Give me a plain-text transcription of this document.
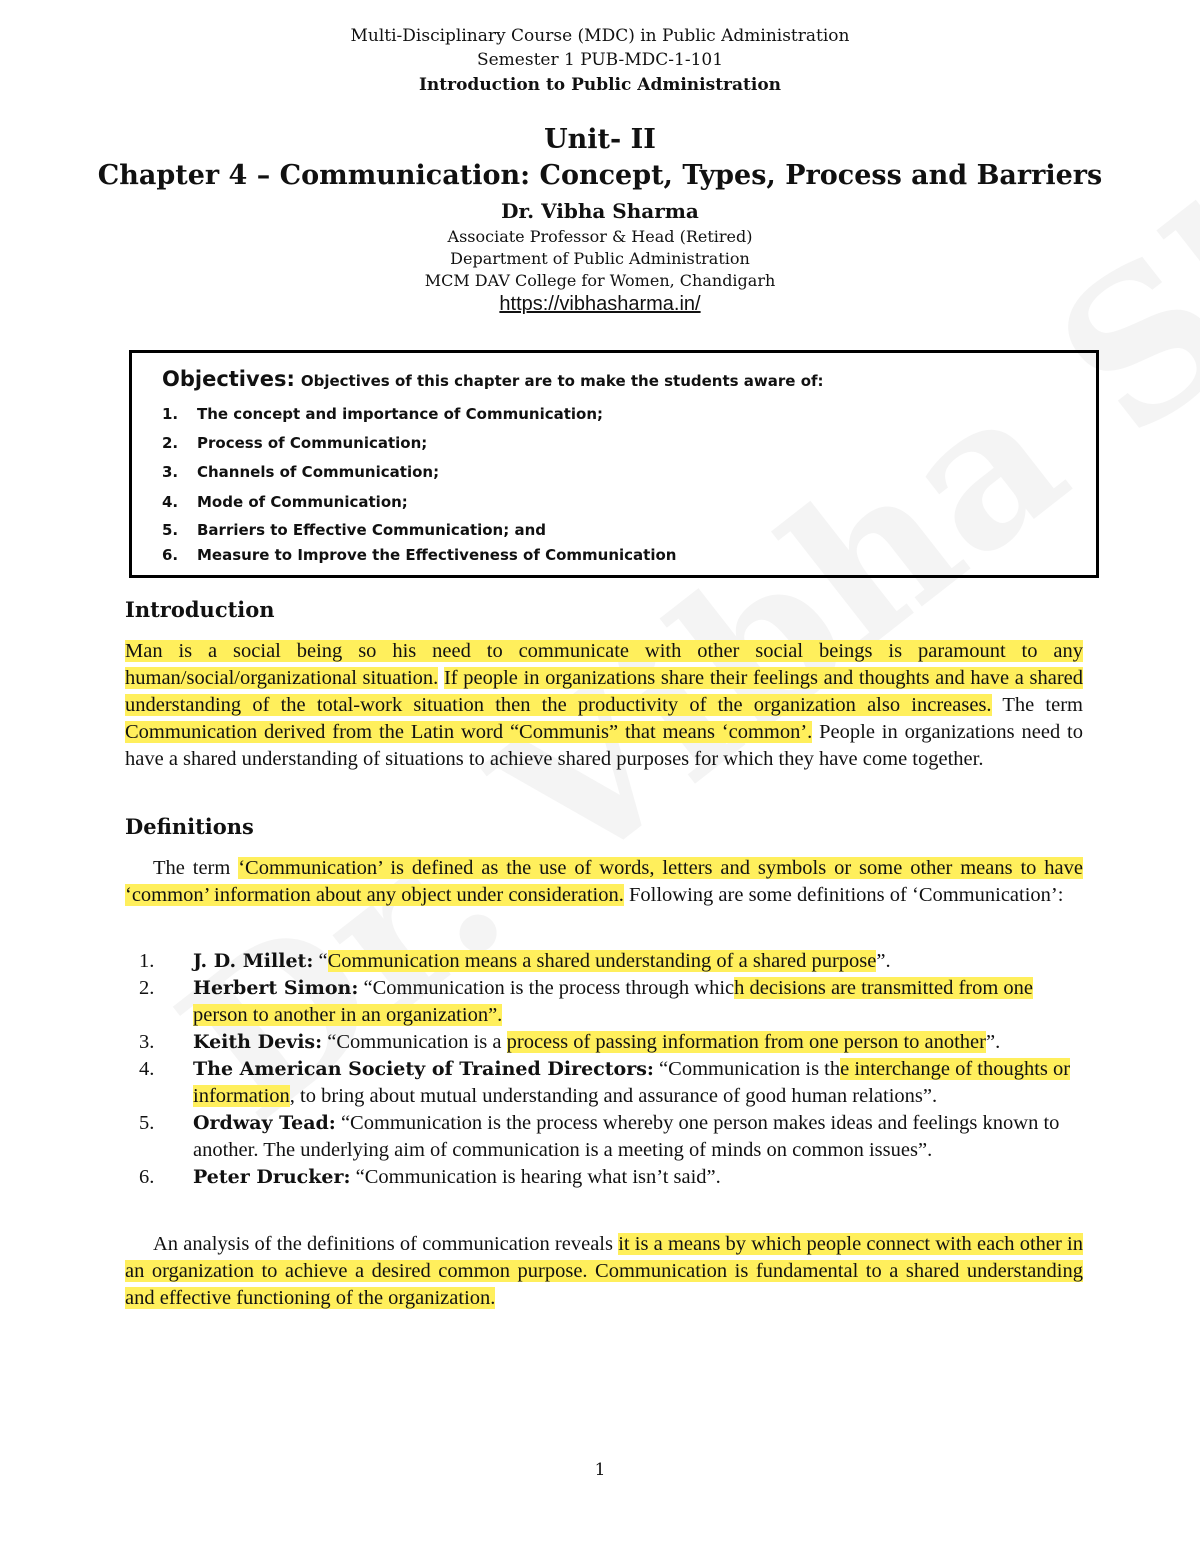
Multi-Disciplinary Course (MDC) in Public Administration
Semester 1 PUB-MDC-1-101
Introduction to Public Administration
Unit- II
Chapter 4 – Communication: Concept, Types, Process and Barriers
Dr. Vibha Sharma
Associate Professor & Head (Retired)
Department of Public Administration
MCM DAV College for Women, Chandigarh
https://vibhasharma.in/
Objectives: Objectives of this chapter are to make the students aware of:
1. The concept and importance of Communication;
2. Process of Communication;
3. Channels of Communication;
4. Mode of Communication;
5. Barriers to Effective Communication; and
6. Measure to Improve the Effectiveness of Communication
Introduction
Man is a social being so his need to communicate with other social beings is paramount to any human/social/organizational situation. If people in organizations share their feelings and thoughts and have a shared understanding of the total-work situation then the productivity of the organization also increases. The term Communication derived from the Latin word “Communis” that means ‘common’. People in organizations need to have a shared understanding of situations to achieve shared purposes for which they have come together.
Definitions
The term ‘Communication’ is defined as the use of words, letters and symbols or some other means to have ‘common’ information about any object under consideration. Following are some definitions of ‘Communication’:
1. J. D. Millet: “Communication means a shared understanding of a shared purpose”.
2. Herbert Simon: “Communication is the process through which decisions are transmitted from one person to another in an organization”.
3. Keith Devis: “Communication is a process of passing information from one person to another”.
4. The American Society of Trained Directors: “Communication is the interchange of thoughts or information, to bring about mutual understanding and assurance of good human relations”.
5. Ordway Tead: “Communication is the process whereby one person makes ideas and feelings known to another. The underlying aim of communication is a meeting of minds on common issues”.
6. Peter Drucker: “Communication is hearing what isn’t said”.
An analysis of the definitions of communication reveals it is a means by which people connect with each other in an organization to achieve a desired common purpose. Communication is fundamental to a shared understanding and effective functioning of the organization.
1
